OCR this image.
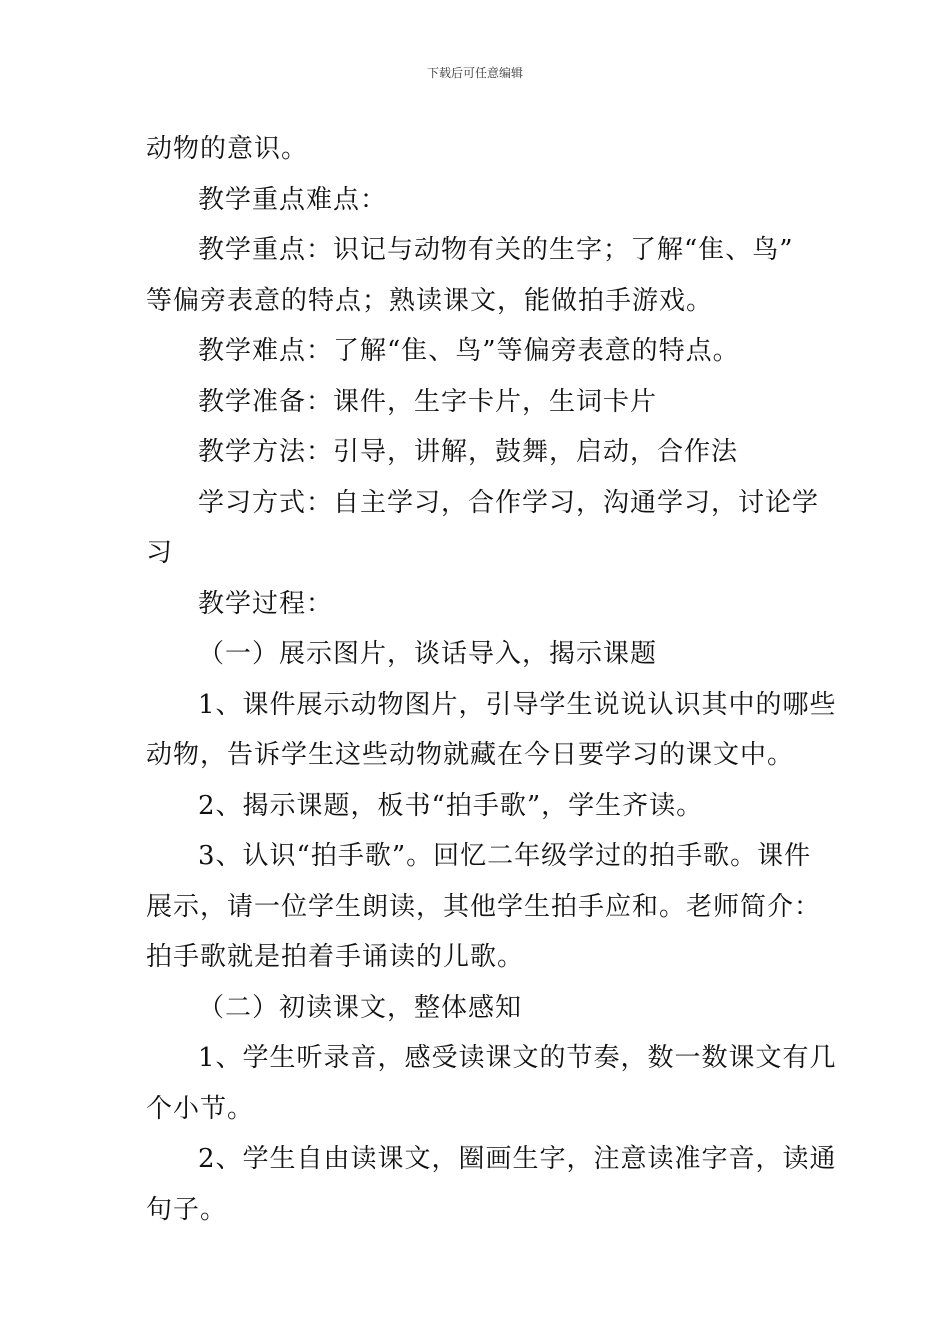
下载后可任意编辑

动物的意识。

教学重点难点：

教学重点：识记与动物有关的生字；了解“隹、鸟”

等偏旁表意的特点；熟读课文，能做拍手游戏。

教学难点：了解“隹、鸟”等偏旁表意的特点。

教学准备：课件，生字卡片，生词卡片

教学方法：引导，讲解，鼓舞，启动，合作法

学习方式：自主学习，合作学习，沟通学习，讨论学

习

教学过程：

（一）展示图片，谈话导入，揭示课题

1、课件展示动物图片，引导学生说说认识其中的哪些

动物，告诉学生这些动物就藏在今日要学习的课文中。

2、揭示课题，板书“拍手歌”，学生齐读。

3、认识“拍手歌”。回忆二年级学过的拍手歌。课件

展示，请一位学生朗读，其他学生拍手应和。老师简介：

拍手歌就是拍着手诵读的儿歌。

（二）初读课文，整体感知

1、学生听录音，感受读课文的节奏，数一数课文有几

个小节。

2、学生自由读课文，圈画生字，注意读准字音，读通

句子。
